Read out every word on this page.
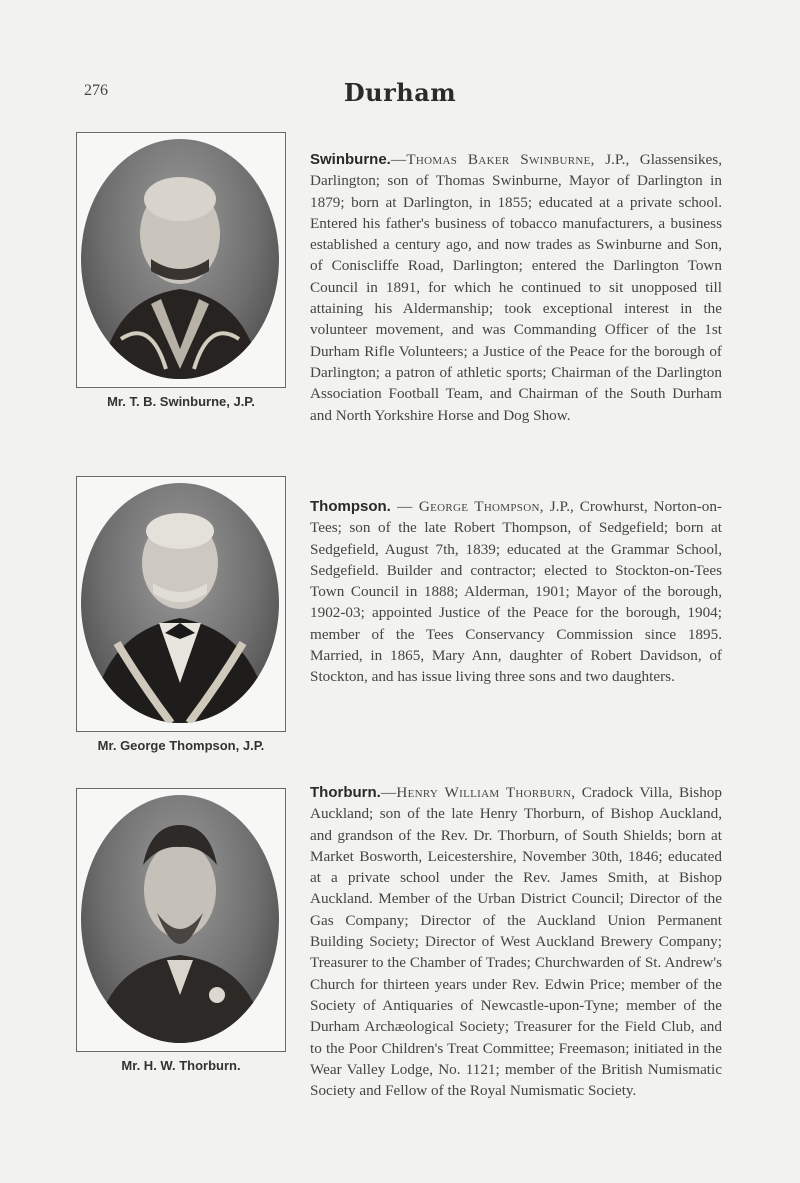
276	Durham
Mr. T. B. Swinburne, J.P.
Mr. George Thompson, J.P.
Mr. H. W. Thorburn.
Swinburne.—Thomas Baker Swinburne, J.P., Glassensikes, Darlington; son of Thomas Swinburne, Mayor of Darlington in 1879; born at Darlington, in 1855; educated at a private school. Entered his father's business of tobacco manufacturers, a business established a century ago, and now trades as Swinburne and Son, of Coniscliffe Road, Darlington; entered the Darlington Town Council in 1891, for which he continued to sit unopposed till attaining his Aldermanship; took exceptional interest in the volunteer movement, and was Commanding Officer of the 1st Durham Rifle Volunteers; a Justice of the Peace for the borough of Darlington; a patron of athletic sports; Chairman of the Darlington Association Football Team, and Chairman of the South Durham and North Yorkshire Horse and Dog Show.
Thompson. — George Thompson, J.P., Crowhurst, Norton-on-Tees; son of the late Robert Thompson, of Sedgefield; born at Sedgefield, August 7th, 1839; educated at the Grammar School, Sedgefield. Builder and contractor; elected to Stockton-on-Tees Town Council in 1888; Alderman, 1901; Mayor of the borough, 1902-03; appointed Justice of the Peace for the borough, 1904; member of the Tees Conservancy Commission since 1895. Married, in 1865, Mary Ann, daughter of Robert Davidson, of Stockton, and has issue living three sons and two daughters.
Thorburn.—Henry William Thorburn, Cradock Villa, Bishop Auckland; son of the late Henry Thorburn, of Bishop Auckland, and grandson of the Rev. Dr. Thorburn, of South Shields; born at Market Bosworth, Leicestershire, November 30th, 1846; educated at a private school under the Rev. James Smith, at Bishop Auckland. Member of the Urban District Council; Director of the Gas Company; Director of the Auckland Union Permanent Building Society; Director of West Auckland Brewery Company; Treasurer to the Chamber of Trades; Churchwarden of St. Andrew's Church for thirteen years under Rev. Edwin Price; member of the Society of Antiquaries of Newcastle-upon-Tyne; member of the Durham Archæological Society; Treasurer for the Field Club, and to the Poor Children's Treat Committee; Freemason; initiated in the Wear Valley Lodge, No. 1121; member of the British Numismatic Society and Fellow of the Royal Numismatic Society.
